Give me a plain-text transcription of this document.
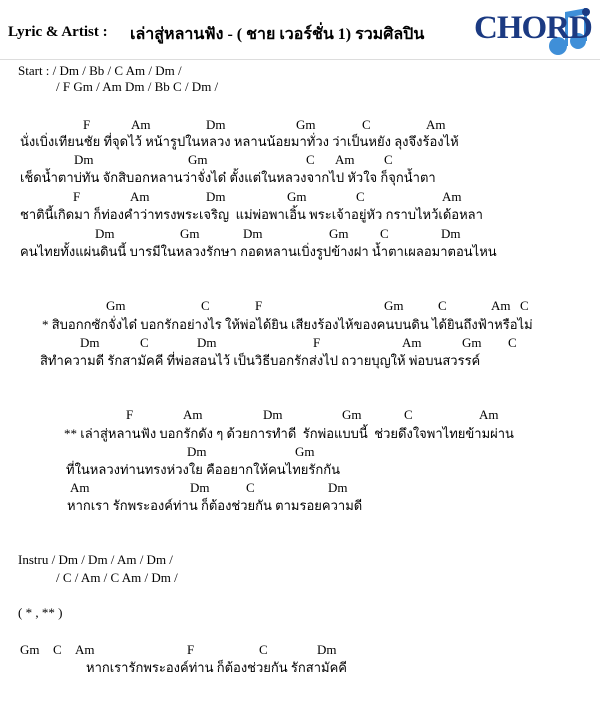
Lyric & Artist : เล่าสู่หลานฟัง - ( ชาย เวอร์ชั่น 1) รวมศิลปิน CHORD
Start : / Dm / Bb / C Am / Dm /
/ F Gm / Am Dm / Bb C / Dm /
F	Am	Dm	Gm	C	Am
นั่งเบิ่งเทียนชัย ที่จุดไว้ หน้ารูปในหลวง หลานน้อยมาทั่วง ว่าเป็นหยัง ลุงจึงร้องไห้
Dm	Gm	C Am C
เช็ดน้ำตาบ่ทัน จักสิบอกหลานว่าจั่งได๋ ตั้งแต่ในหลวงจากไป หัวใจ ก็จุกน้ำตา
F	Am	Dm	Gm	C	Am
ชาตินี้เกิดมา ก็ท่องคำว่าทรงพระเจริญ  แม่พ่อพาเอิ้น พระเจ้าอยู่หัว กราบไหว้เด้อหลา
Dm	Gm	Dm	Gm C	Dm
คนไทยทั้งแผ่นดินนี้ บารมีในหลวงรักษา กอดหลานเบิ่งรูปข้างฝา น้ำตาเผลอมาตอนไหน
Gm	C	F	Gm	C	Am C
* สิบอกกซักจั่งได๋ บอกรักอย่างไร ให้พ่อได้ยิน เสียงร้องไห้ของคนบนดิน ได้ยินถึงฟ้าหรือไม่
Dm	C	Dm	F	Am	Gm C
สิทำความดี รักสามัคคี ที่พ่อสอนไว้ เป็นวิธีบอกรักส่งไป ถวายบุญให้ พ่อบนสวรรค์
F	Am	Dm	Gm	C	Am
** เล่าสู่หลานฟัง บอกรักดัง ๆ ด้วยการทำดี  รักพ่อแบบนี้  ช่วยดึงใจพาไทยข้ามผ่าน
Dm	Gm
ที่ในหลวงท่านทรงห่วงใย คืออยากให้คนไทยรักกัน
Am	Dm	C	Dm
หากเรา รักพระองค์ท่าน ก็ต้องช่วยกัน ตามรอยความดี
Instru / Dm / Dm / Am / Dm /
/ C / Am / C Am / Dm /
( * , ** )
Gm C Am	F	C	Dm
หากเรารักพระองค์ท่าน ก็ต้องช่วยกัน รักสามัคคี
